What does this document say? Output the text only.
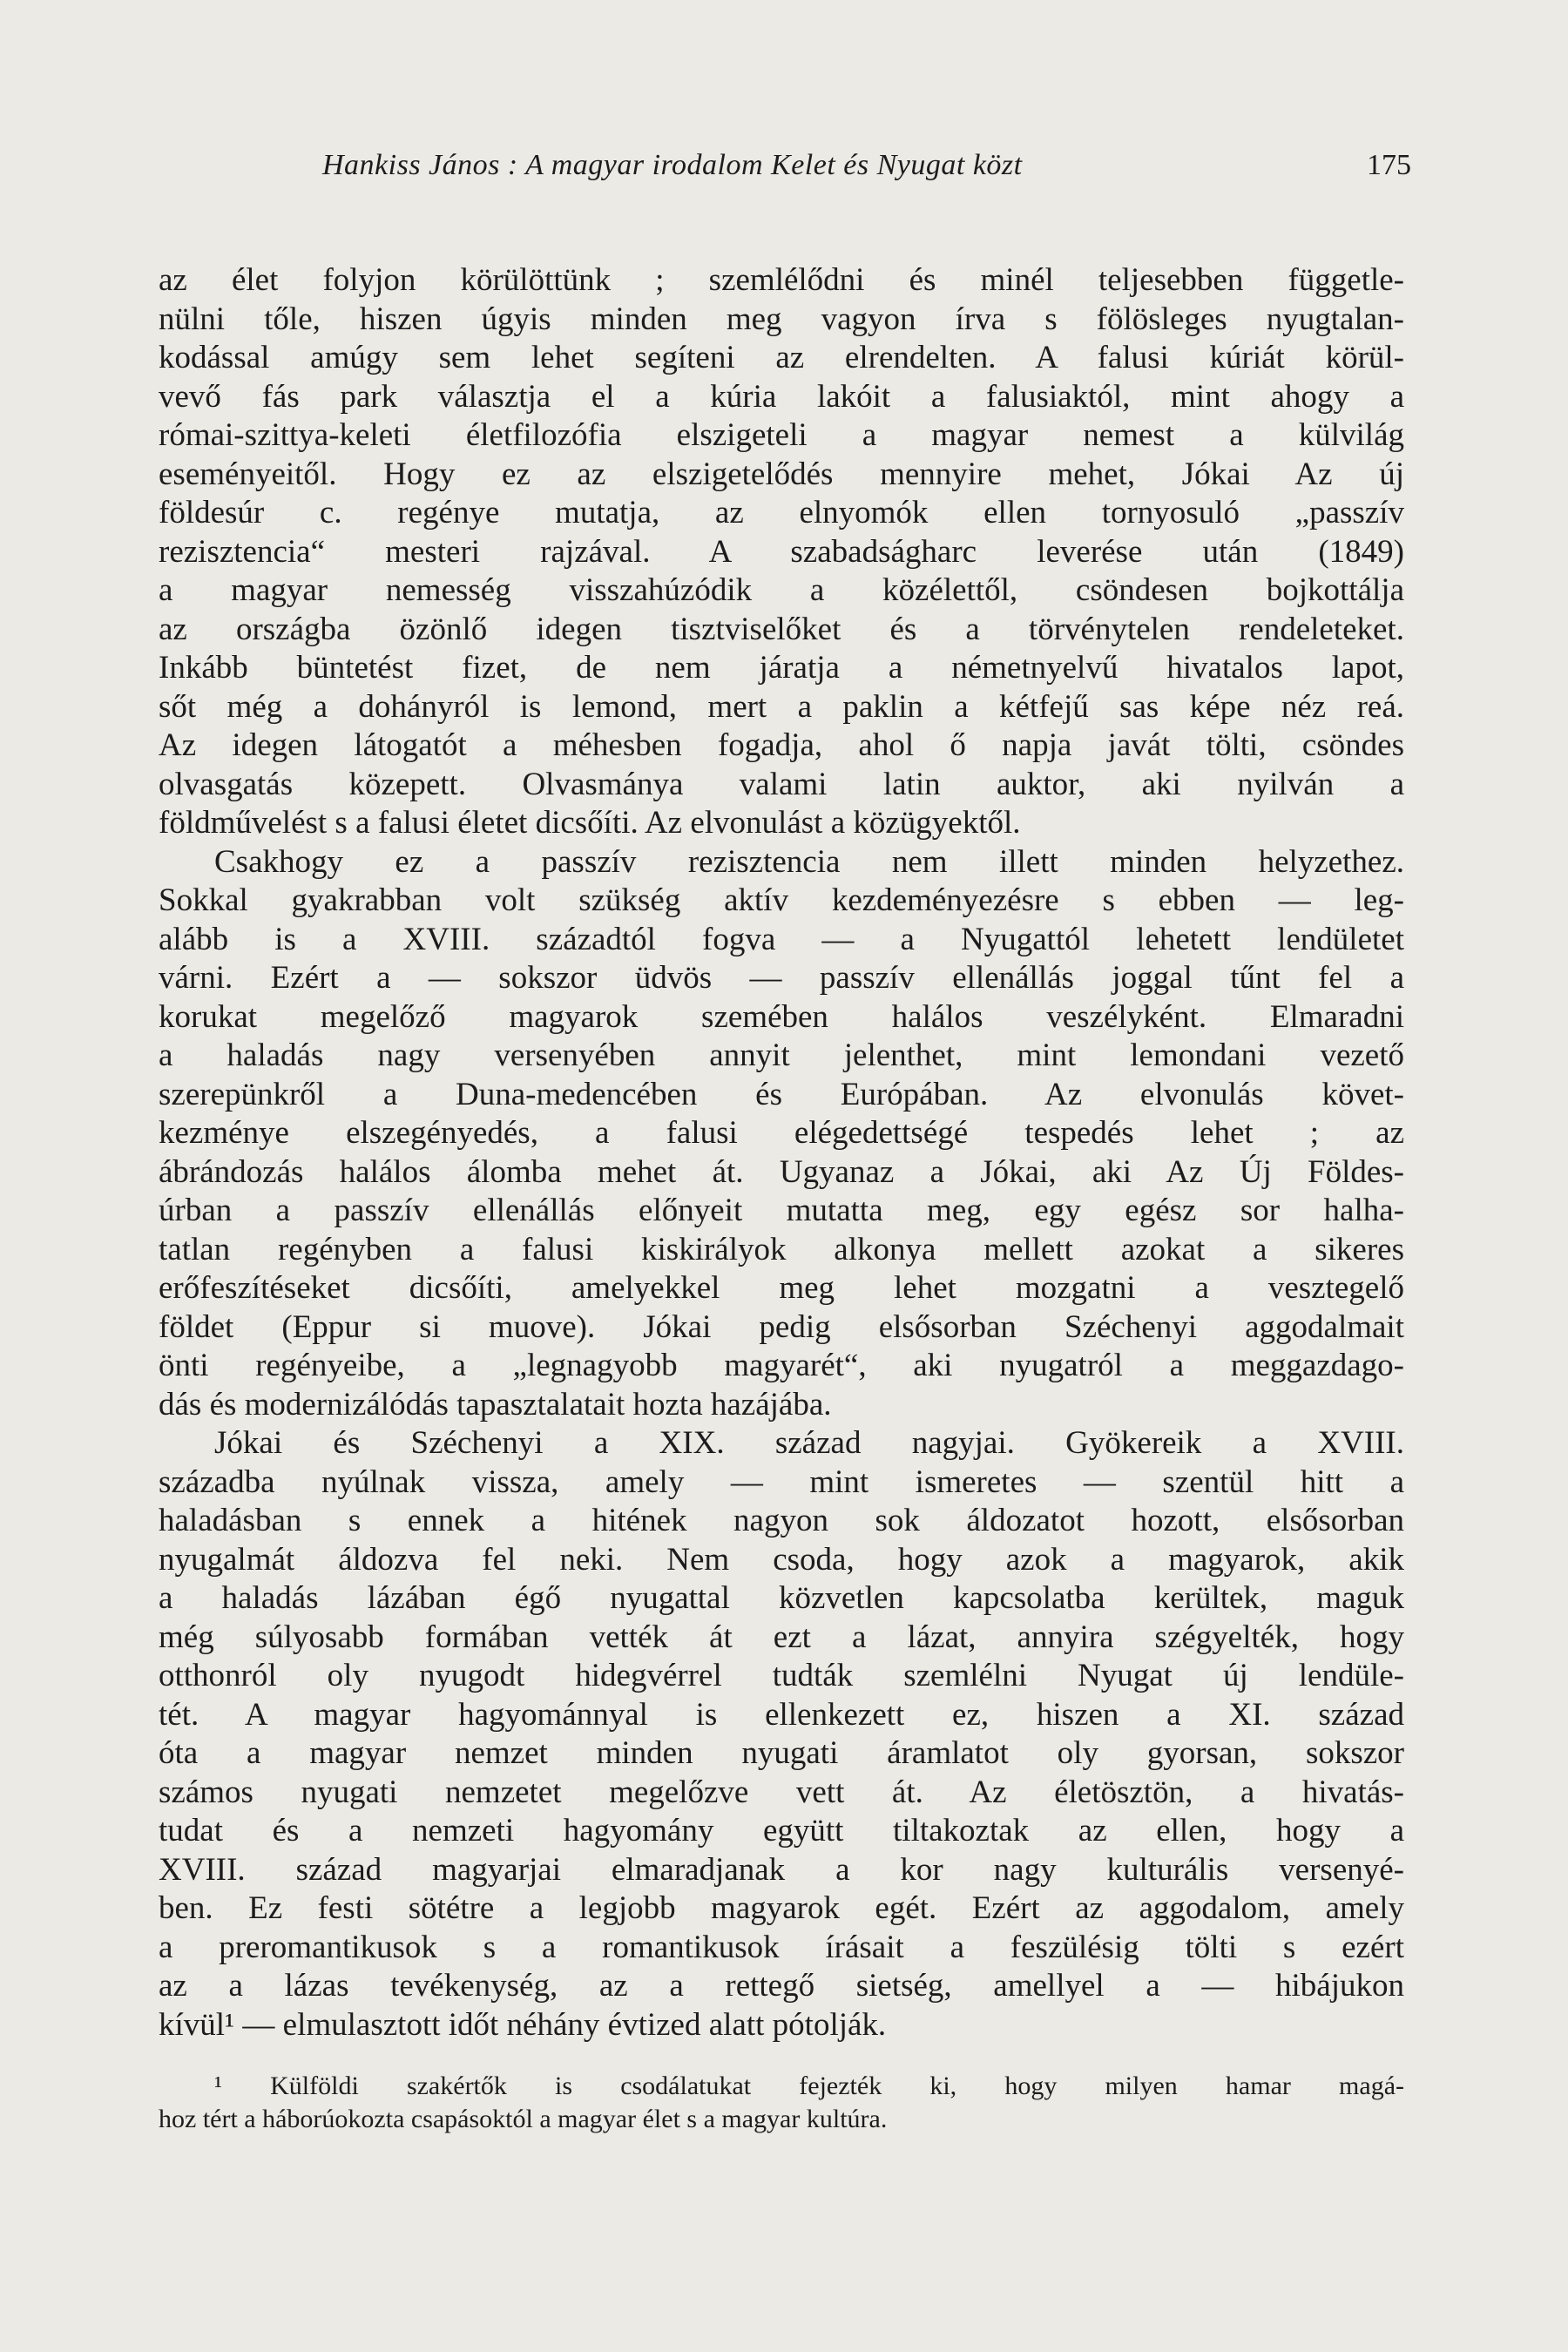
Hankiss János : A magyar irodalom Kelet és Nyugat közt	175
az élet folyjon körülöttünk ; szemlélődni és minél teljesebben függetle-
nülni tőle, hiszen úgyis minden meg vagyon írva s fölösleges nyugtalan-
kodással amúgy sem lehet segíteni az elrendelten. A falusi kúriát körül-
vevő fás park választja el a kúria lakóit a falusiaktól, mint ahogy a
római-szittya-keleti életfilozófia elszigeteli a magyar nemest a külvilág
eseményeitől. Hogy ez az elszigetelődés mennyire mehet, Jókai Az új
földesúr c. regénye mutatja, az elnyomók ellen tornyosuló „passzív
rezisztencia“ mesteri rajzával. A szabadságharc leverése után (1849)
a magyar nemesség visszahúzódik a közélettől, csöndesen bojkottálja
az országba özönlő idegen tisztviselőket és a törvénytelen rendeleteket.
Inkább büntetést fizet, de nem járatja a németnyelvű hivatalos lapot,
sőt még a dohányról is lemond, mert a paklin a kétfejű sas képe néz reá.
Az idegen látogatót a méhesben fogadja, ahol ő napja javát tölti, csöndes
olvasgatás közepett. Olvasmánya valami latin auktor, aki nyilván a
földművelést s a falusi életet dicsőíti. Az elvonulást a közügyektől.
Csakhogy ez a passzív rezisztencia nem illett minden helyzethez.
Sokkal gyakrabban volt szükség aktív kezdeményezésre s ebben — leg-
alább is a XVIII. századtól fogva — a Nyugattól lehetett lendületet
várni. Ezért a — sokszor üdvös — passzív ellenállás joggal tűnt fel a
korukat megelőző magyarok szemében halálos veszélyként. Elmaradni
a haladás nagy versenyében annyit jelenthet, mint lemondani vezető
szerepünkről a Duna-medencében és Európában. Az elvonulás követ-
kezménye elszegényedés, a falusi elégedettségé tespedés lehet ; az
ábrándozás halálos álomba mehet át. Ugyanaz a Jókai, aki Az Új Földes-
úrban a passzív ellenállás előnyeit mutatta meg, egy egész sor halha-
tatlan regényben a falusi kiskirályok alkonya mellett azokat a sikeres
erőfeszítéseket dicsőíti, amelyekkel meg lehet mozgatni a vesztegelő
földet (Eppur si muove). Jókai pedig elsősorban Széchenyi aggodalmait
önti regényeibe, a „legnagyobb magyarét“, aki nyugatról a meggazdago-
dás és modernizálódás tapasztalatait hozta hazájába.
Jókai és Széchenyi a XIX. század nagyjai. Gyökereik a XVIII.
századba nyúlnak vissza, amely — mint ismeretes — szentül hitt a
haladásban s ennek a hitének nagyon sok áldozatot hozott, elsősorban
nyugalmát áldozva fel neki. Nem csoda, hogy azok a magyarok, akik
a haladás lázában égő nyugattal közvetlen kapcsolatba kerültek, maguk
még súlyosabb formában vették át ezt a lázat, annyira szégyelték, hogy
otthonról oly nyugodt hidegvérrel tudták szemlélni Nyugat új lendüle-
tét. A magyar hagyománnyal is ellenkezett ez, hiszen a XI. század
óta a magyar nemzet minden nyugati áramlatot oly gyorsan, sokszor
számos nyugati nemzetet megelőzve vett át. Az életösztön, a hivatás-
tudat és a nemzeti hagyomány együtt tiltakoztak az ellen, hogy a
XVIII. század magyarjai elmaradjanak a kor nagy kulturális versenyé-
ben. Ez festi sötétre a legjobb magyarok egét. Ezért az aggodalom, amely
a preromantikusok s a romantikusok írásait a feszülésig tölti s ezért
az a lázas tevékenység, az a rettegő sietség, amellyel a — hibájukon
kívül¹ — elmulasztott időt néhány évtized alatt pótolják.
¹ Külföldi szakértők is csodálatukat fejezték ki, hogy milyen hamar magá-
hoz tért a háborúokozta csapásoktól a magyar élet s a magyar kultúra.
